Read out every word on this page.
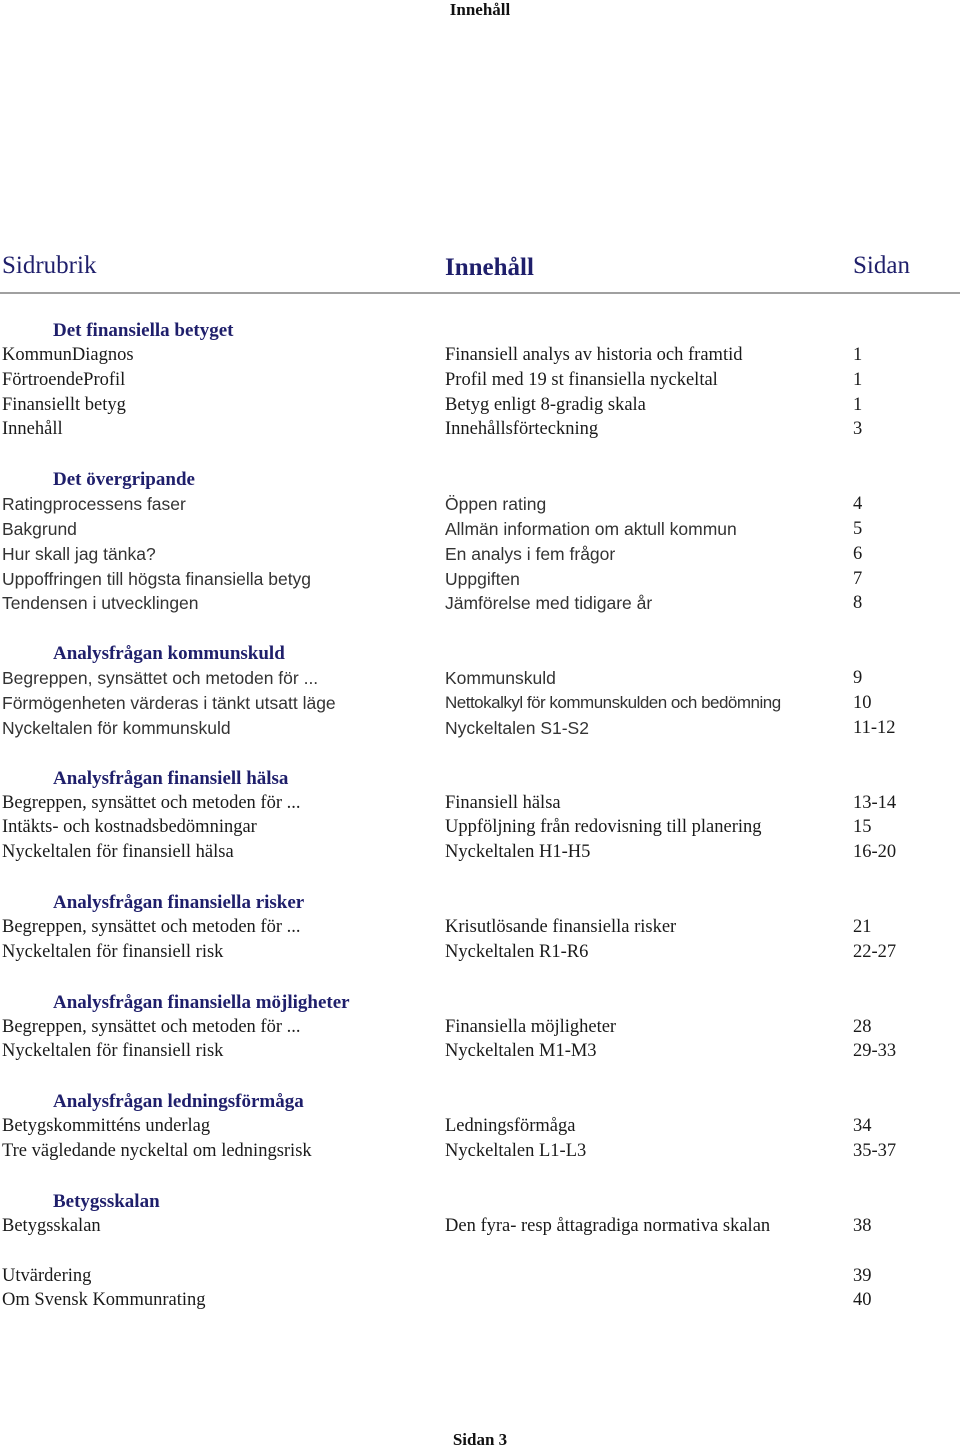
Innehåll
Sidrubrik	Innehåll	Sidan
Det finansiella betyget
KommunDiagnos	Finansiell analys av historia och framtid	1
FörtroendeProfil	Profil med 19 st finansiella nyckeltal	1
Finansiellt betyg	Betyg enligt 8-gradig skala	1
Innehåll	Innehållsförteckning	3
Det övergripande
Ratingprocessens faser	Öppen rating	4
Bakgrund	Allmän information om aktull kommun	5
Hur skall jag tänka?	En analys i fem frågor	6
Uppoffringen till högsta finansiella betyg	Uppgiften	7
Tendensen i utvecklingen	Jämförelse med tidigare år	8
Analysfrågan kommunskuld
Begreppen, synsättet och metoden för ...	Kommunskuld	9
Förmögenheten värderas i tänkt utsatt läge	Nettokalkyl för kommunskulden och bedömning	10
Nyckeltalen för kommunskuld	Nyckeltalen S1-S2	11-12
Analysfrågan finansiell hälsa
Begreppen, synsättet och metoden för ...	Finansiell hälsa	13-14
Intäkts- och kostnadsbedömningar	Uppföljning från redovisning till planering	15
Nyckeltalen för finansiell hälsa	Nyckeltalen H1-H5	16-20
Analysfrågan finansiella risker
Begreppen, synsättet och metoden för ...	Krisutlösande finansiella risker	21
Nyckeltalen för finansiell risk	Nyckeltalen R1-R6	22-27
Analysfrågan finansiella möjligheter
Begreppen, synsättet och metoden för ...	Finansiella möjligheter	28
Nyckeltalen för finansiell risk	Nyckeltalen M1-M3	29-33
Analysfrågan ledningsförmåga
Betygskommitténs underlag	Ledningsförmåga	34
Tre vägledande nyckeltal om ledningsrisk	Nyckeltalen L1-L3	35-37
Betygsskalan
Betygsskalan	Den fyra- resp åttagradiga normativa skalan	38
Utvärdering	39
Om Svensk Kommunrating	40
Sidan 3
